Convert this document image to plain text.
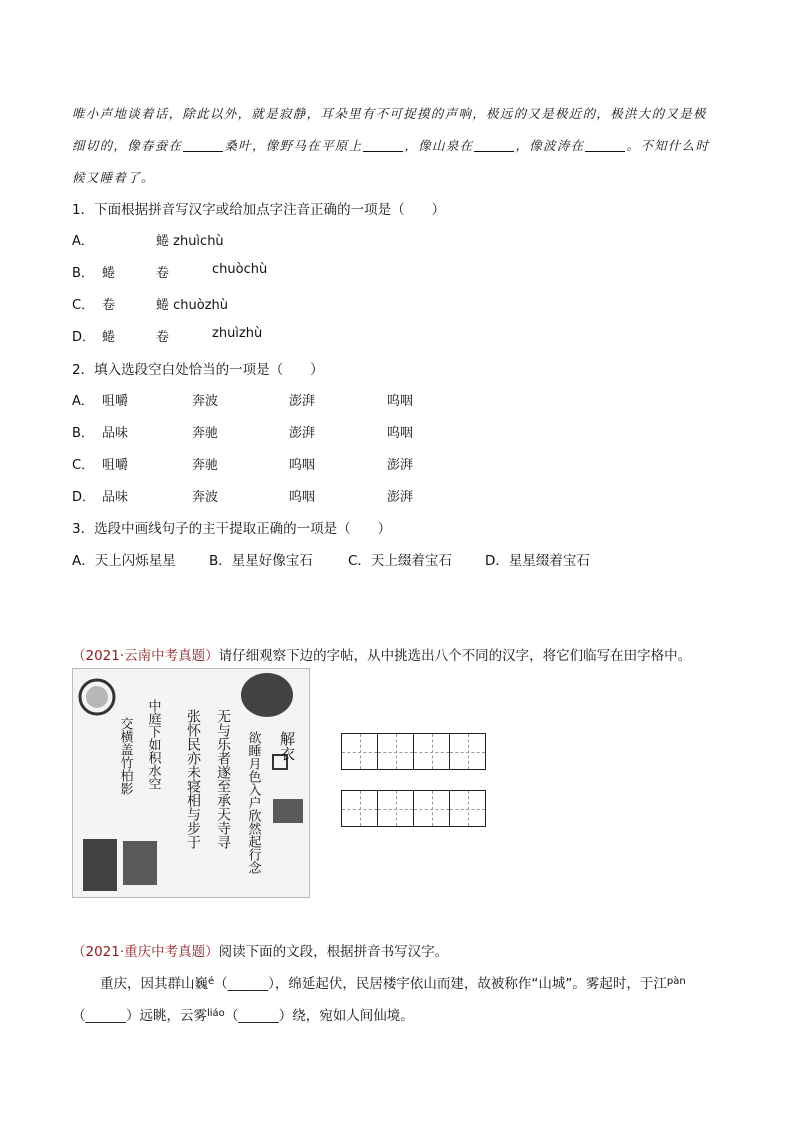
唯小声地谈着话，除此以外，就是寂静，耳朵里有不可捉摸的声响，极远的又是极近的，极洪大的又是极
细切的，像春蚕在	桑叶，像野马在平原上	，像山泉在	，像波涛在	。不知什么时
候又睡着了。
1．下面根据拼音写汉字或给加点字注音正确的一项是（　　）
A．	蜷 zhuìchù
B． 蜷	卷	chuòchù
C． 卷	蜷 chuòzhù
D． 蜷	卷	zhuìzhù
2．填入选段空白处恰当的一项是（　　）
A． 咀嚼	奔波	澎湃	呜咽
B． 品味	奔驰	澎湃	呜咽
C． 咀嚼	奔驰	呜咽	澎湃
D． 品味	奔波	呜咽	澎湃
3．选段中画线句子的主干提取正确的一项是（　　）
A．天上闪烁星星	B．星星好像宝石	C．天上缀着宝石	D．星星缀着宝石
（2021·云南中考真题）请仔细观察下边的字帖，从中挑选出八个不同的汉字，将它们临写在田字格中。
解衣
欲睡月色入户欣然起行念
无与乐者遂至承天寺寻
张怀民亦未寝相与步于
中庭下如积水空
交横盖竹柏影
（2021·重庆中考真题）阅读下面的文段，根据拼音书写汉字。
重庆，因其群山巍$^é$（______），绵延起伏，民居楼宇依山而建，故被称作“山城”。雾起时，于江$^{pàn}$
（______）远眺，云雾$^{liáo}$（______）绕，宛如人间仙境。
